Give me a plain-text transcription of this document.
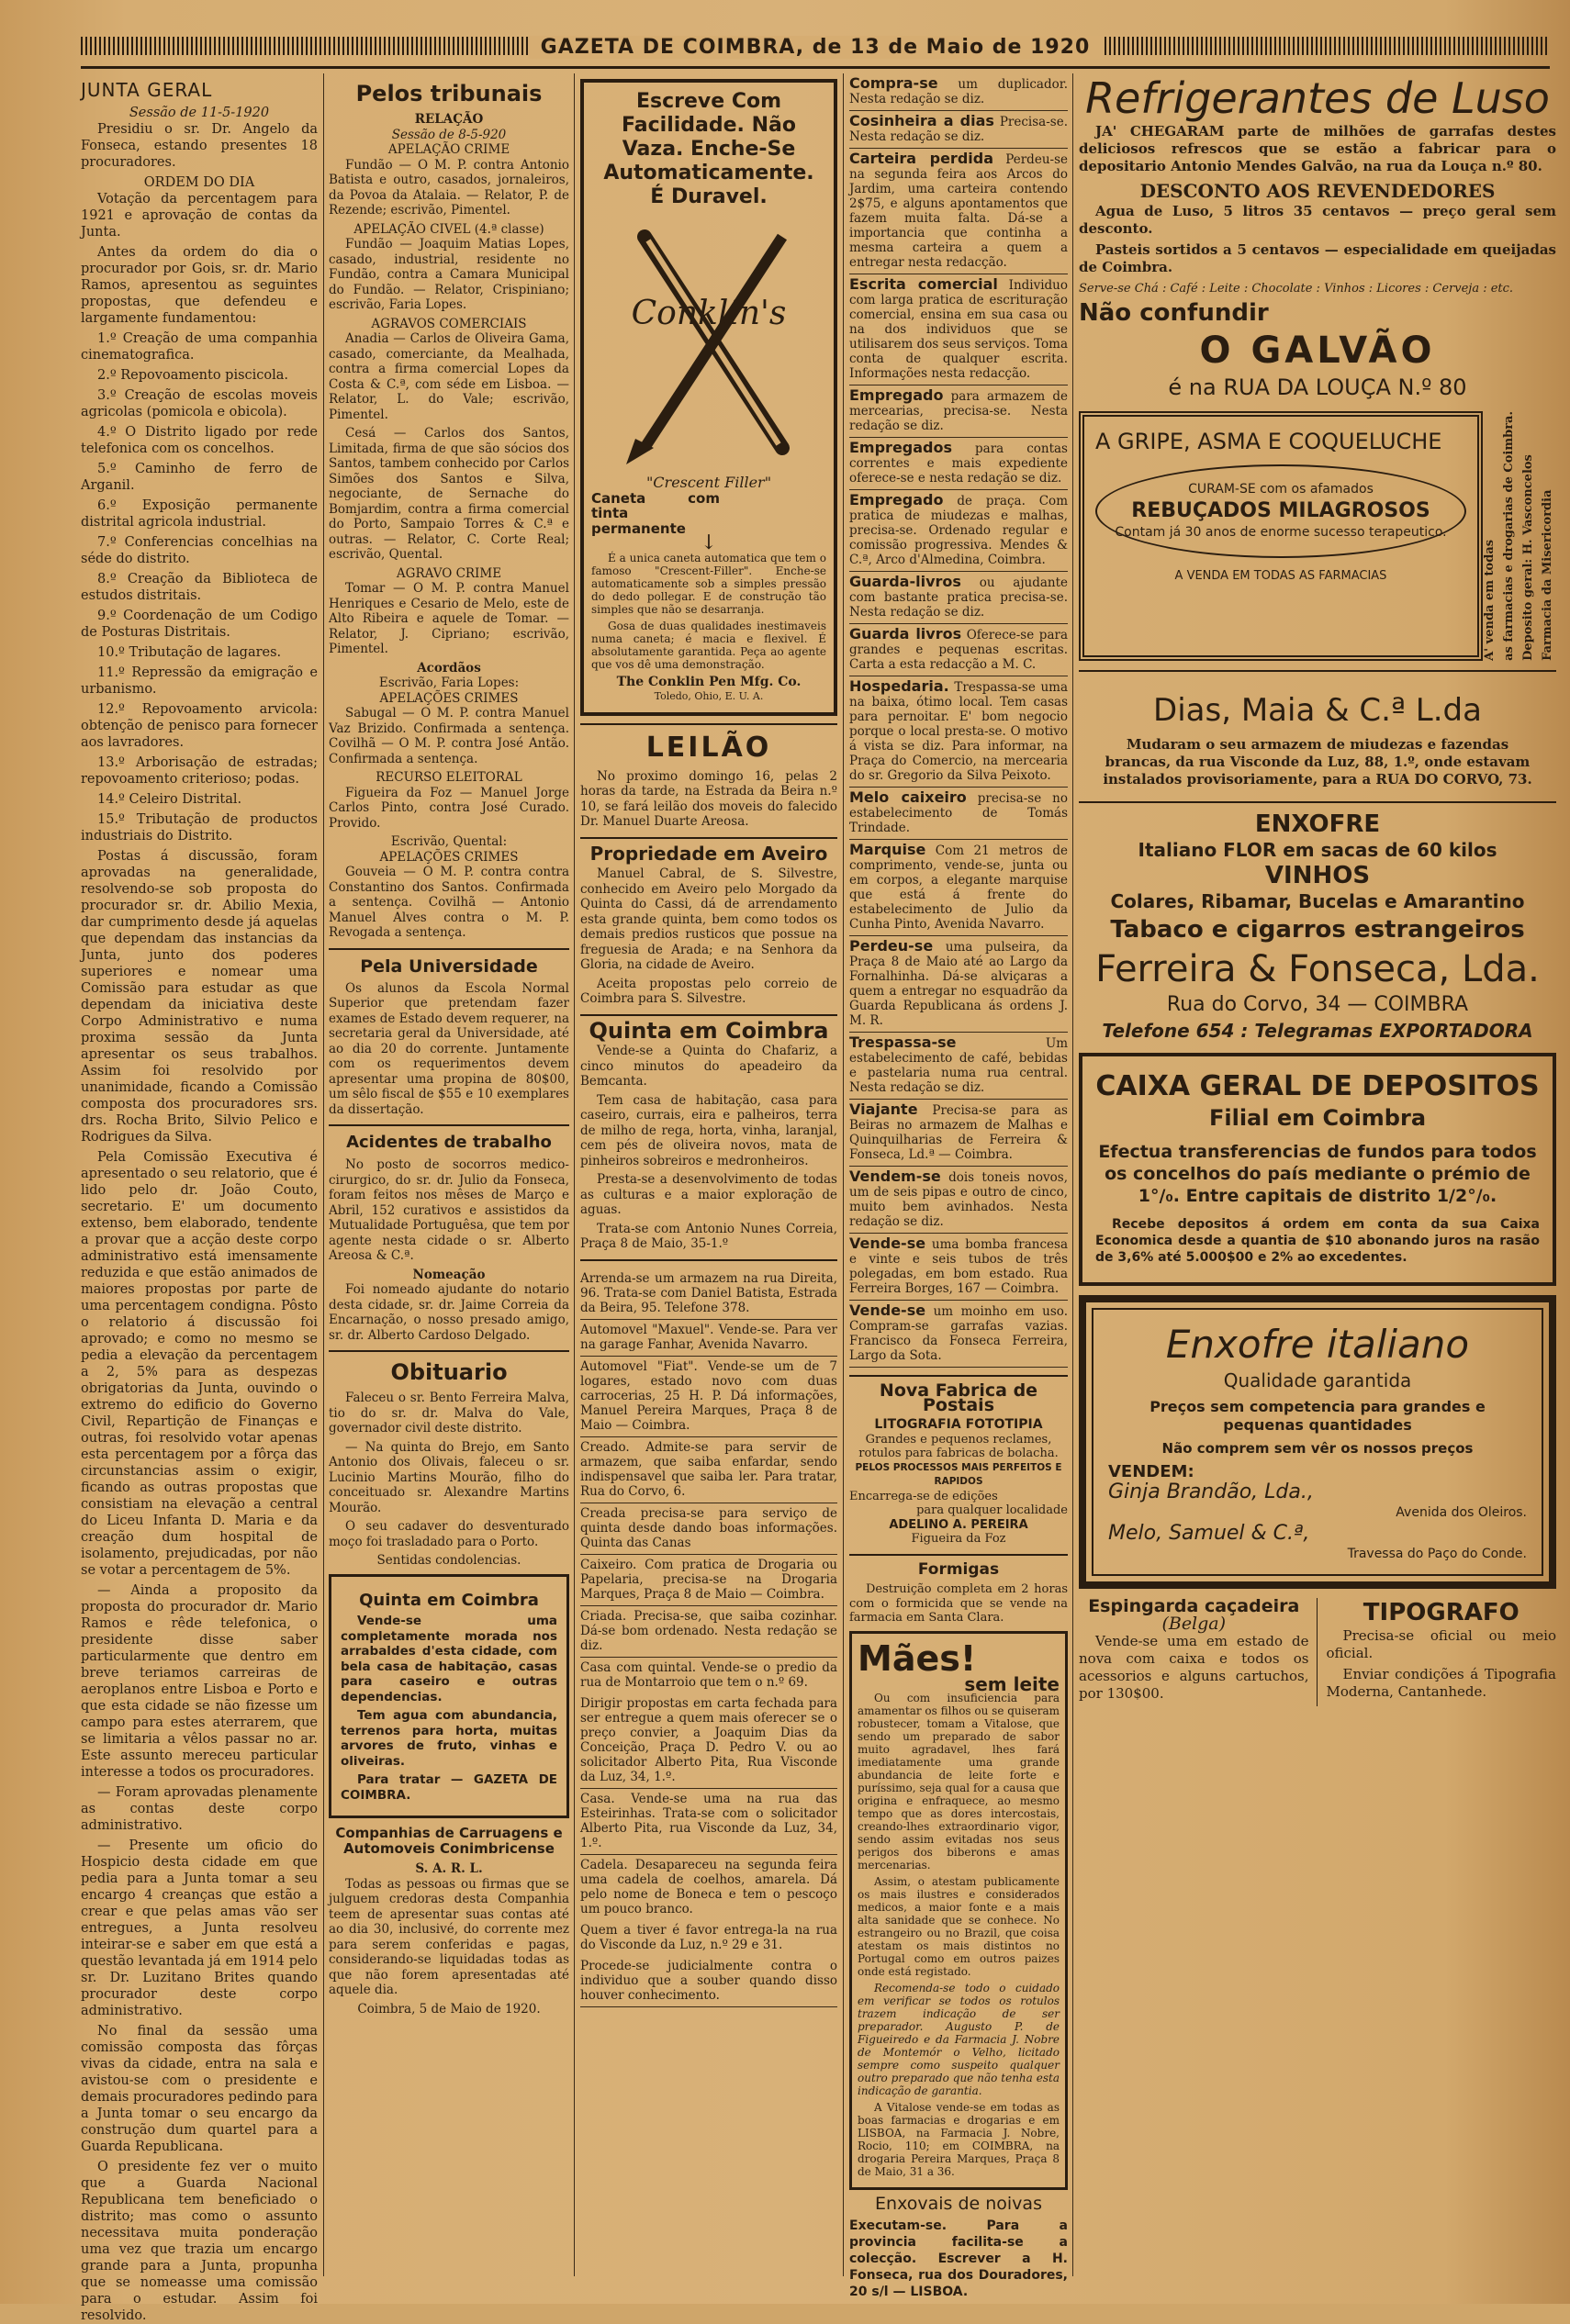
GAZETA DE COIMBRA, de 13 de Maio de 1920
JUNTA GERAL
Sessão de 11-5-1920

Presidiu o sr. Dr. Angelo da Fonseca, estando presentes 18 procuradores.

ORDEM DO DIA

Votação da percentagem para 1921 e aprovação de contas da Junta.

Antes da ordem do dia o procurador por Gois, sr. dr. Mario Ramos, apresentou as seguintes propostas, que defendeu e largamente fundamentou:

1.º Creação de uma companhia cinematografica.

2.º Repovoamento piscicola.

3.º Creação de escolas moveis agricolas (pomicola e obicola).

4.º O Distrito ligado por rede telefonica com os concelhos.

5.º Caminho de ferro de Arganil.

6.º Exposição permanente distrital agricola industrial.

7.º Conferencias concelhias na séde do distrito.

8.º Creação da Biblioteca de estudos distritais.

9.º Coordenação de um Codigo de Posturas Distritais.

10.º Tributação de lagares.

11.º Repressão da emigração e urbanismo.

12.º Repovoamento arvicola: obtenção de penisco para fornecer aos lavradores.

13.º Arborisação de estradas; repovoamento criterioso; podas.

14.º Celeiro Distrital.

15.º Tributação de productos industriais do Distrito.

Postas á discussão, foram aprovadas na generalidade, resolvendo-se sob proposta do procurador sr. dr. Abilio Mexia, dar cumprimento desde já aquelas que dependam das instancias da Junta, junto dos poderes superiores e nomear uma Comissão para estudar as que dependam da iniciativa deste Corpo Administrativo e numa proxima sessão da Junta apresentar os seus trabalhos. Assim foi resolvido por unanimidade, ficando a Comissão composta dos procuradores srs. drs. Rocha Brito, Silvio Pelico e Rodrigues da Silva.

Pela Comissão Executiva é apresentado o seu relatorio, que é lido pelo dr. João Couto, secretario. E' um documento extenso, bem elaborado, tendente a provar que a acção deste corpo administrativo está imensamente reduzida e que estão animados de maiores propostas por parte de uma percentagem condigna. Pôsto o relatorio á discussão foi aprovado; e como no mesmo se pedia a elevação da percentagem a 2, 5% para as despezas obrigatorias da Junta, ouvindo o extremo do edificio do Governo Civil, Repartição de Finanças e outras, foi resolvido votar apenas esta percentagem por a fôrça das circunstancias assim o exigir, ficando as outras propostas que consistiam na elevação a central do Liceu Infanta D. Maria e da creação dum hospital de isolamento, prejudicadas, por não se votar a percentagem de 5%.

— Ainda a proposito da proposta do procurador dr. Mario Ramos e rêde telefonica, o presidente disse saber particularmente que dentro em breve teriamos carreiras de aeroplanos entre Lisboa e Porto e que esta cidade se não fizesse um campo para estes aterrarem, que se limitaria a vêlos passar no ar. Este assunto mereceu particular interesse a todos os procuradores.

— Foram aprovadas plenamente as contas deste corpo administrativo.

— Presente um oficio do Hospicio desta cidade em que pedia para a Junta tomar a seu encargo 4 creanças que estão a crear e que pelas amas vão ser entregues, a Junta resolveu inteirar-se e saber em que está a questão levantada já em 1914 pelo sr. Dr. Luzitano Brites quando procurador deste corpo administrativo.

No final da sessão uma comissão composta das fôrças vivas da cidade, entra na sala e avistou-se com o presidente e demais procuradores pedindo para a Junta tomar o seu encargo da construção dum quartel para a Guarda Republicana.

O presidente fez ver o muito que a Guarda Nacional Republicana tem beneficiado o distrito; mas como o assunto necessitava muita ponderação uma vez que trazia um encargo grande para a Junta, propunha que se nomeasse uma comissão para o estudar. Assim foi resolvido.

Pelos tribunais
RELAÇÃO
Sessão de 8-5-920
APELAÇÃO CRIME

Fundão — O M. P. contra Antonio Batista e outro, casados, jornaleiros, da Povoa da Atalaia. — Relator, P. de Rezende; escrivão, Pimentel.

APELAÇÃO CIVEL (4.ª classe)

Fundão — Joaquim Matias Lopes, casado, industrial, residente no Fundão, contra a Camara Municipal do Fundão. — Relator, Crispiniano; escrivão, Faria Lopes.

AGRAVOS COMERCIAIS

Anadia — Carlos de Oliveira Gama, casado, comerciante, da Mealhada, contra a firma comercial Lopes da Costa & C.ª, com séde em Lisboa. — Relator, L. do Vale; escrivão, Pimentel.

Cesá — Carlos dos Santos, Limitada, firma de que são sócios dos Santos, tambem conhecido por Carlos Simões dos Santos e Silva, negociante, de Sernache do Bomjardim, contra a firma comercial do Porto, Sampaio Torres & C.ª e outras. — Relator, C. Corte Real; escrivão, Quental.

AGRAVO CRIME

Tomar — O M. P. contra Manuel Henriques e Cesario de Melo, este de Alto Ribeira e aquele de Tomar. — Relator, J. Cipriano; escrivão, Pimentel.

Acordãos
Escrivão, Faria Lopes:
APELAÇÕES CRIMES

Sabugal — O M. P. contra Manuel Vaz Brizido. Confirmada a sentença. Covilhã — O M. P. contra José Antão. Confirmada a sentença.

RECURSO ELEITORAL

Figueira da Foz — Manuel Jorge Carlos Pinto, contra José Curado. Provido.

Escrivão, Quental:
APELAÇÕES CRIMES

Gouveia — O M. P. contra contra Constantino dos Santos. Confirmada a sentença. Covilhã — Antonio Manuel Alves contra o M. P. Revogada a sentença.

Pela Universidade

Os alunos da Escola Normal Superior que pretendam fazer exames de Estado devem requerer, na secretaria geral da Universidade, até ao dia 20 do corrente. Juntamente com os requerimentos devem apresentar uma propina de 80$00, um sêlo fiscal de $55 e 10 exemplares da dissertação.

Acidentes de trabalho

No posto de socorros medico-cirurgico, do sr. dr. Julio da Fonseca, foram feitos nos mêses de Março e Abril, 152 curativos e assistidos da Mutualidade Portuguêsa, que tem por agente nesta cidade o sr. Alberto Areosa & C.ª.

Nomeação

Foi nomeado ajudante do notario desta cidade, sr. dr. Jaime Correia da Encarnação, o nosso presado amigo, sr. dr. Alberto Cardoso Delgado.

Obituario

Faleceu o sr. Bento Ferreira Malva, tio do sr. dr. Malva do Vale, governador civil deste distrito.

— Na quinta do Brejo, em Santo Antonio dos Olivais, faleceu o sr. Lucinio Martins Mourão, filho do conceituado sr. Alexandre Martins Mourão.

O seu cadaver do desventurado moço foi trasladado para o Porto.

Sentidas condolencias.

Quinta em Coimbra

Vende-se uma completamente morada nos arrabaldes d'esta cidade, com bela casa de habitação, casas para caseiro e outras dependencias.

Tem agua com abundancia, terrenos para horta, muitas arvores de fruto, vinhas e oliveiras.

Para tratar — GAZETA DE COIMBRA.

Companhias de Carruagens e Automoveis Conimbricense
S. A. R. L.

Todas as pessoas ou firmas que se julguem credoras desta Companhia teem de apresentar suas contas até ao dia 30, inclusivé, do corrente mez para serem conferidas e pagas, considerando-se liquidadas todas as que não forem apresentadas até aquele dia.

Coimbra, 5 de Maio de 1920.
Escreve Com Facilidade. Não Vaza. Enche-Se Automaticamente.
É Duravel.
Conklin's
"Crescent Filler"
Caneta com tinta permanente
↓

É a unica caneta automatica que tem o famoso "Crescent-Filler". Enche-se automaticamente sob a simples pressão do dedo pollegar. E de construção tão simples que não se desarranja.

Gosa de duas qualidades inestimaveis numa caneta; é macia e flexivel. É absolutamente garantida. Peça ao agente que vos dê uma demonstração.

The Conklin Pen Mfg. Co.
Toledo, Ohio, E. U. A.
LEILÃO

No proximo domingo 16, pelas 2 horas da tarde, na Estrada da Beira n.º 10, se fará leilão dos moveis do falecido Dr. Manuel Duarte Areosa.

Propriedade em Aveiro

Manuel Cabral, de S. Silvestre, conhecido em Aveiro pelo Morgado da Quinta do Cassi, dá de arrendamento esta grande quinta, bem como todos os demais predios rusticos que possue na freguesia de Arada; e na Senhora da Gloria, na cidade de Aveiro.

Aceita propostas pelo correio de Coimbra para S. Silvestre.

Quinta em Coimbra

Vende-se a Quinta do Chafariz, a cinco minutos do apeadeiro da Bemcanta.

Tem casa de habitação, casa para caseiro, currais, eira e palheiros, terra de milho de rega, horta, vinha, laranjal, cem pés de oliveira novos, mata de pinheiros sobreiros e medronheiros.

Presta-se a desenvolvimento de todas as culturas e a maior exploração de aguas.

Trata-se com Antonio Nunes Correia, Praça 8 de Maio, 35-1.º

Arrenda-se um armazem na rua Direita, 96. Trata-se com Daniel Batista, Estrada da Beira, 95. Telefone 378.
Automovel "Maxuel". Vende-se. Para ver na garage Fanhar, Avenida Navarro.
Automovel "Fiat". Vende-se um de 7 logares, estado novo com duas carrocerias, 25 H. P. Dá informações, Manuel Pereira Marques, Praça 8 de Maio — Coimbra.
Creado. Admite-se para servir de armazem, que saiba enfardar, sendo indispensavel que saiba ler. Para tratar, Rua do Corvo, 6.
Creada precisa-se para serviço de quinta desde dando boas informações. Quinta das Canas
Caixeiro. Com pratica de Drogaria ou Papelaria, precisa-se na Drogaria Marques, Praça 8 de Maio — Coimbra.
Criada. Precisa-se, que saiba cozinhar. Dá-se bom ordenado. Nesta redação se diz.
Casa com quintal. Vende-se o predio da rua de Montarroio que tem o n.º 69.
Dirigir propostas em carta fechada para ser entregue a quem mais oferecer se o preço convier, a Joaquim Dias da Conceição, Praça D. Pedro V. ou ao solicitador Alberto Pita, Rua Visconde da Luz, 34, 1.º.
Casa. Vende-se uma na rua das Esteirinhas. Trata-se com o solicitador Alberto Pita, rua Visconde da Luz, 34, 1.º.
Cadela. Desapareceu na segunda feira uma cadela de coelhos, amarela. Dá pelo nome de Boneca e tem o pescoço um pouco branco.
Quem a tiver é favor entrega-la na rua do Visconde da Luz, n.º 29 e 31.
Procede-se judicialmente contra o individuo que a souber quando disso houver conhecimento.
Compra-se um duplicador. Nesta redação se diz.
Cosinheira a dias Precisa-se. Nesta redação se diz.
Carteira perdida Perdeu-se na segunda feira aos Arcos do Jardim, uma carteira contendo 2$75, e alguns apontamentos que fazem muita falta. Dá-se a importancia que continha a mesma carteira a quem a entregar nesta redacção.
Escrita comercial Individuo com larga pratica de escrituração comercial, ensina em sua casa ou na dos individuos que se utilisarem dos seus serviços. Toma conta de qualquer escrita. Informações nesta redacção.
Empregado para armazem de mercearias, precisa-se. Nesta redação se diz.
Empregados para contas correntes e mais expediente oferece-se e nesta redação se diz.
Empregado de praça. Com pratica de miudezas e malhas, precisa-se. Ordenado regular e comissão progressiva. Mendes & C.ª, Arco d'Almedina, Coimbra.
Guarda-livros ou ajudante com bastante pratica precisa-se. Nesta redação se diz.
Guarda livros Oferece-se para grandes e pequenas escritas. Carta a esta redacção a M. C.
Hospedaria. Trespassa-se uma na baixa, ótimo local. Tem casas para pernoitar. E' bom negocio porque o local presta-se. O motivo á vista se diz. Para informar, na Praça do Comercio, na mercearia do sr. Gregorio da Silva Peixoto.
Melo caixeiro precisa-se no estabelecimento de Tomás Trindade.
Marquise Com 21 metros de comprimento, vende-se, junta ou em corpos, a elegante marquise que está á frente do estabelecimento de Julio da Cunha Pinto, Avenida Navarro.
Perdeu-se uma pulseira, da Praça 8 de Maio até ao Largo da Fornalhinha. Dá-se alviçaras a quem a entregar no esquadrão da Guarda Republicana ás ordens J. M. R.
Trespassa-se	Um estabelecimento de café, bebidas e pastelaria numa rua central. Nesta redação se diz.
Viajante Precisa-se para as Beiras no armazem de Malhas e Quinquilharias de Ferreira & Fonseca, Ld.ª — Coimbra.
Vendem-se dois toneis novos, um de seis pipas e outro de cinco, muito bem avinhados. Nesta redação se diz.
Vende-se uma bomba francesa e vinte e seis tubos de três polegadas, em bom estado. Rua Ferreira Borges, 167 — Coimbra.
Vende-se um moinho em uso. Compram-se garrafas vazias. Francisco da Fonseca Ferreira, Largo da Sota.
Nova Fabrica de Postais
LITOGRAFIA FOTOTIPIA
Grandes e pequenos reclames, rotulos para fabricas de bolacha.
PELOS PROCESSOS MAIS PERFEITOS E RAPIDOS
Encarrega-se de edições
para qualquer localidade
ADELINO A. PEREIRA
Figueira da Foz
Formigas

Destruição completa em 2 horas com o formicida que se vende na farmacia em Santa Clara.

Mães!
sem leite

Ou com insuficiencia para amamentar os filhos ou se quiseram robustecer, tomam a Vitalose, que sendo um preparado de sabor muito agradavel, lhes fará imediatamente uma grande abundancia de leite forte e puríssimo, seja qual for a causa que origina e enfraquece, ao mesmo tempo que as dores intercostais, creando-lhes extraordinario vigor, sendo assim evitadas nos seus perigos dos biberons e amas mercenarias.

Assim, o atestam publicamente os mais ilustres e considerados medicos, a maior fonte e a mais alta sanidade que se conhece. No estrangeiro ou no Brazil, que coisa atestam os mais distintos no Portugal como em outros paizes onde está registado.

Recomenda-se todo o cuidado em verificar se todos os rotulos trazem indicação de ser preparador. Augusto P. de Figueiredo e da Farmacia J. Nobre de Montemór o Velho, licitado sempre como suspeito qualquer outro preparado que não tenha esta indicação de garantia.

A Vitalose vende-se em todas as boas farmacias e drogarias e em LISBOA, na Farmacia J. Nobre, Rocio, 110; em COIMBRA, na drogaria Pereira Marques, Praça 8 de Maio, 31 a 36.

Enxovais de noivas
Executam-se. Para a provincia facilita-se a colecção. Escrever a H. Fonseca, rua dos Douradores, 20 s/l — LISBOA.
Refrigerantes de Luso

JA' CHEGARAM parte de milhões de garrafas destes deliciosos refrescos que se estão a fabricar para o depositario Antonio Mendes Galvão, na rua da Louça n.º 80.

DESCONTO AOS REVENDEDORES

Agua de Luso, 5 litros 35 centavos — preço geral sem desconto.

Pasteis sortidos a 5 centavos — especialidade em queijadas de Coimbra.

Serve-se Chá : Café : Leite : Chocolate : Vinhos : Licores : Cerveja : etc.
Não confundir
O GALVÃO
é na RUA DA LOUÇA N.º 80
A GRIPE, ASMA E COQUELUCHE
CURAM-SE com os afamados
REBUÇADOS MILAGROSOS
Contam já 30 anos de enorme sucesso terapeutico.
A VENDA EM TODAS AS FARMACIAS	Farmacia da Misericordia
Deposito geral: H. Vasconcelos
as farmacias e drogarias de Coimbra.
A' venda em todas
Dias, Maia & C.ª L.da

Mudaram o seu armazem de miudezas e fazendas brancas, da rua Visconde da Luz, 88, 1.º, onde estavam instalados provisoriamente, para a RUA DO CORVO, 73.

ENXOFRE
Italiano FLOR em sacas de 60 kilos
VINHOS
Colares, Ribamar, Bucelas e Amarantino
Tabaco e cigarros estrangeiros
Ferreira & Fonseca, Lda.
Rua do Corvo, 34 — COIMBRA
Telefone 654 : Telegramas EXPORTADORA
CAIXA GERAL DE DEPOSITOS
Filial em Coimbra

Efectua transferencias de fundos para todos os concelhos do país mediante o prémio de 1°/₀. Entre capitais de distrito 1/2°/₀.

Recebe depositos á ordem em conta da sua Caixa Economica desde a quantia de $10 abonando juros na rasão de 3,6% até 5.000$00 e 2% ao excedentes.

Enxofre italiano
Qualidade garantida
Preços sem competencia para grandes e pequenas quantidades
Não comprem sem vêr os nossos preços
VENDEM:
Ginja Brandão, Lda.,
Avenida dos Oleiros.
Melo, Samuel & C.ª,
Travessa do Paço do Conde.
Espingarda caçadeira
(Belga)

Vende-se uma em estado de nova com caixa e todos os acessorios e alguns cartuchos, por 130$00.

TIPOGRAFO

Precisa-se oficial ou meio oficial.

Enviar condições á Tipografia Moderna, Cantanhede.
